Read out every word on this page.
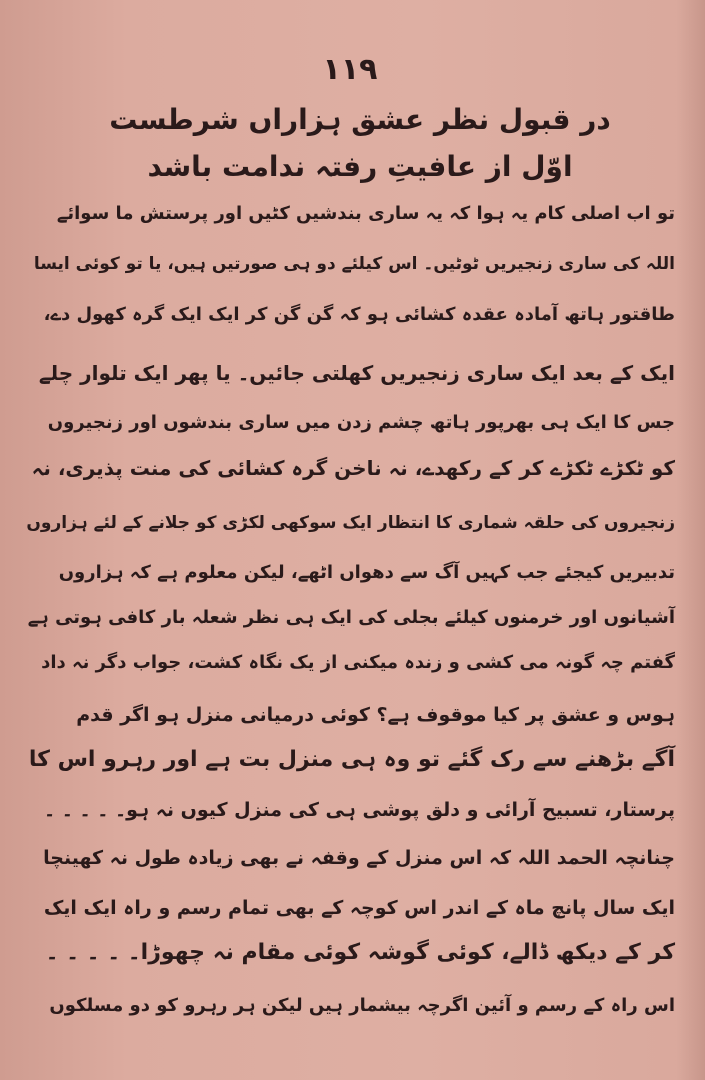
۱۱۹
در قبول نظر عشق ہزاراں شرطست
اوّل از عافیتِ رفتہ ندامت باشد
تو اب اصلی کام یہ ہوا کہ یہ ساری بندشیں کٹیں اور پرستش ما سوائے
اللہ کی ساری زنجیریں ٹوٹیں۔ اس کیلئے دو ہی صورتیں ہیں، یا تو کوئی ایسا
طاقتور ہاتھ آمادہ عقدہ کشائی ہو کہ گن گن کر ایک ایک گرہ کھول دے،
ایک کے بعد ایک ساری زنجیریں کھلتی جائیں۔ یا پھر ایک تلوار چلے
جس کا ایک ہی بھرپور ہاتھ چشم زدن میں ساری بندشوں اور زنجیروں
کو ٹکڑے ٹکڑے کر کے رکھدے، نہ ناخن گرہ کشائی کی منت پذیری، نہ
زنجیروں کی حلقہ شماری کا انتظار ایک سوکھی لکڑی کو جلانے کے لئے ہزاروں
تدبیریں کیجئے جب کہیں آگ سے دھواں اٹھے، لیکن معلوم ہے کہ ہزاروں
آشیانوں اور خرمنوں کیلئے بجلی کی ایک ہی نظر شعلہ بار کافی ہوتی ہے
گفتم چہ گونہ می کشی و زندہ میکنی از یک نگاہ کشت، جواب دگر نہ داد
ہوس و عشق پر کیا موقوف ہے؟ کوئی درمیانی منزل ہو اگر قدم
آگے بڑھنے سے رک گئے تو وہ ہی منزل بت ہے اور رہرو اس کا
پرستار، تسبیح آرائی و دلق پوشی ہی کی منزل کیوں نہ ہو۔ ۔ ۔ ۔ ۔
چنانچہ الحمد اللہ کہ اس منزل کے وقفہ نے بھی زیادہ طول نہ کھینچا
ایک سال پانچ ماہ کے اندر اس کوچہ کے بھی تمام رسم و راہ ایک ایک
کر کے دیکھ ڈالے، کوئی گوشہ کوئی مقام نہ چھوڑا۔ ۔ ۔ ۔ ۔
اس راہ کے رسم و آئین اگرچہ بیشمار ہیں لیکن ہر رہرو کو دو مسلکوں
